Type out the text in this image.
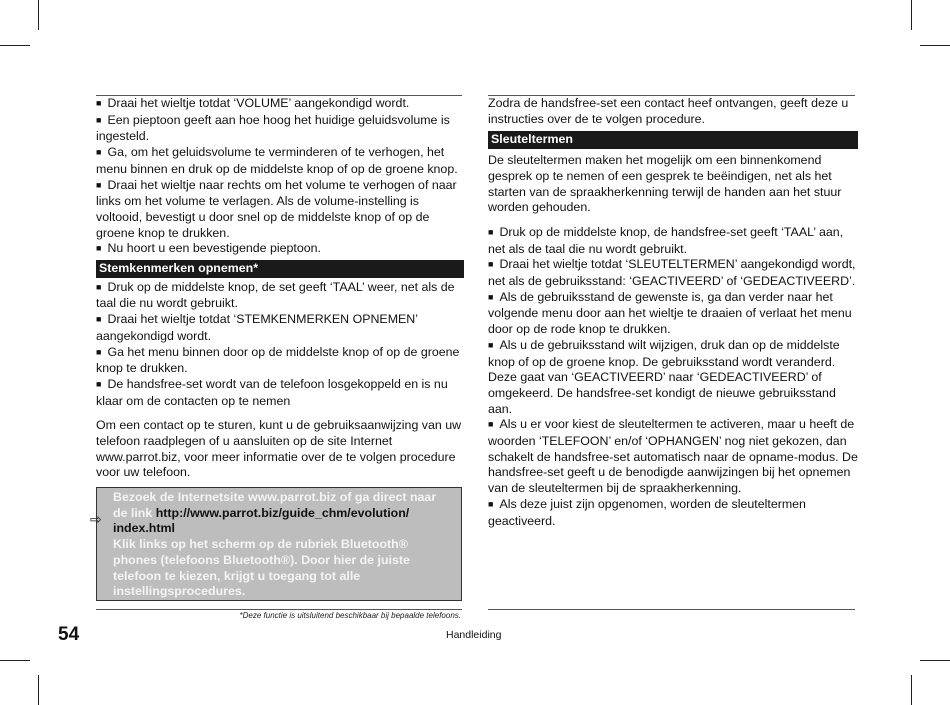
■ Draai het wieltje totdat ‘VOLUME’ aangekondigd wordt.

■ Een pieptoon geeft aan hoe hoog het huidige geluidsvolume is ingesteld.

■ Ga, om het geluidsvolume te verminderen of te verhogen, het menu binnen en druk op de middelste knop of op de groene knop.

■ Draai het wieltje naar rechts om het volume te verhogen of naar links om het volume te verlagen. Als de volume-instelling is voltooid, bevestigt u door snel op de middelste knop of op de groene knop te drukken.

■ Nu hoort u een bevestigende pieptoon.

Stemkenmerken opnemen*

■ Druk op de middelste knop, de set geeft ‘TAAL’ weer, net als de taal die nu wordt gebruikt.

■ Draai het wieltje totdat ‘STEMKENMERKEN OPNEMEN’ aangekondigd wordt.

■ Ga het menu binnen door op de middelste knop of op de groene knop te drukken.

■ De handsfree-set wordt van de telefoon losgekoppeld en is nu klaar om de contacten op te nemen

Om een contact op te sturen, kunt u de gebruiksaanwijzing van uw telefoon raadplegen of u aansluiten op de site Internet www.parrot.biz, voor meer informatie over de te volgen procedure voor uw telefoon.

Bezoek de Internetsite www.parrot.biz of ga direct naar
de link http://www.parrot.biz/guide_chm/evolution/
index.html
Klik links op het scherm op de rubriek Bluetooth® phones (telefoons Bluetooth®). Door hier de juiste telefoon te kiezen, krijgt u toegang tot alle instellingsprocedures.
⇨
*Deze functie is uitsluitend beschikbaar bij bepaalde telefoons.

Zodra de handsfree-set een contact heef ontvangen, geeft deze u instructies over de te volgen procedure.

Sleuteltermen

De sleuteltermen maken het mogelijk om een binnenkomend gesprek op te nemen of een gesprek te beëindigen, net als het starten van de spraakherkenning terwijl de handen aan het stuur worden gehouden.

■ Druk op de middelste knop, de handsfree-set geeft ‘TAAL’ aan, net als de taal die nu wordt gebruikt.

■ Draai het wieltje totdat ‘SLEUTELTERMEN’ aangekondigd wordt, net als de gebruiksstand: ‘GEACTIVEERD’ of ‘GEDEACTIVEERD’.

■ Als de gebruiksstand de gewenste is, ga dan verder naar het volgende menu door aan het wieltje te draaien of verlaat het menu door op de rode knop te drukken.

■ Als u de gebruiksstand wilt wijzigen, druk dan op de middelste knop of op de groene knop. De gebruiksstand wordt veranderd. Deze gaat van ‘GEACTIVEERD’ naar ‘GEDEACTIVEERD’ of omgekeerd. De handsfree-set kondigt de nieuwe gebruiksstand aan.

■ Als u er voor kiest de sleuteltermen te activeren, maar u heeft de woorden ‘TELEFOON’ en/of ‘OPHANGEN’ nog niet gekozen, dan schakelt de handsfree-set automatisch naar de opname-modus. De handsfree-set geeft u de benodigde aanwijzingen bij het opnemen van de sleuteltermen bij de spraakherkenning.

■ Als deze juist zijn opgenomen, worden de sleuteltermen geactiveerd.

54	Handleiding
